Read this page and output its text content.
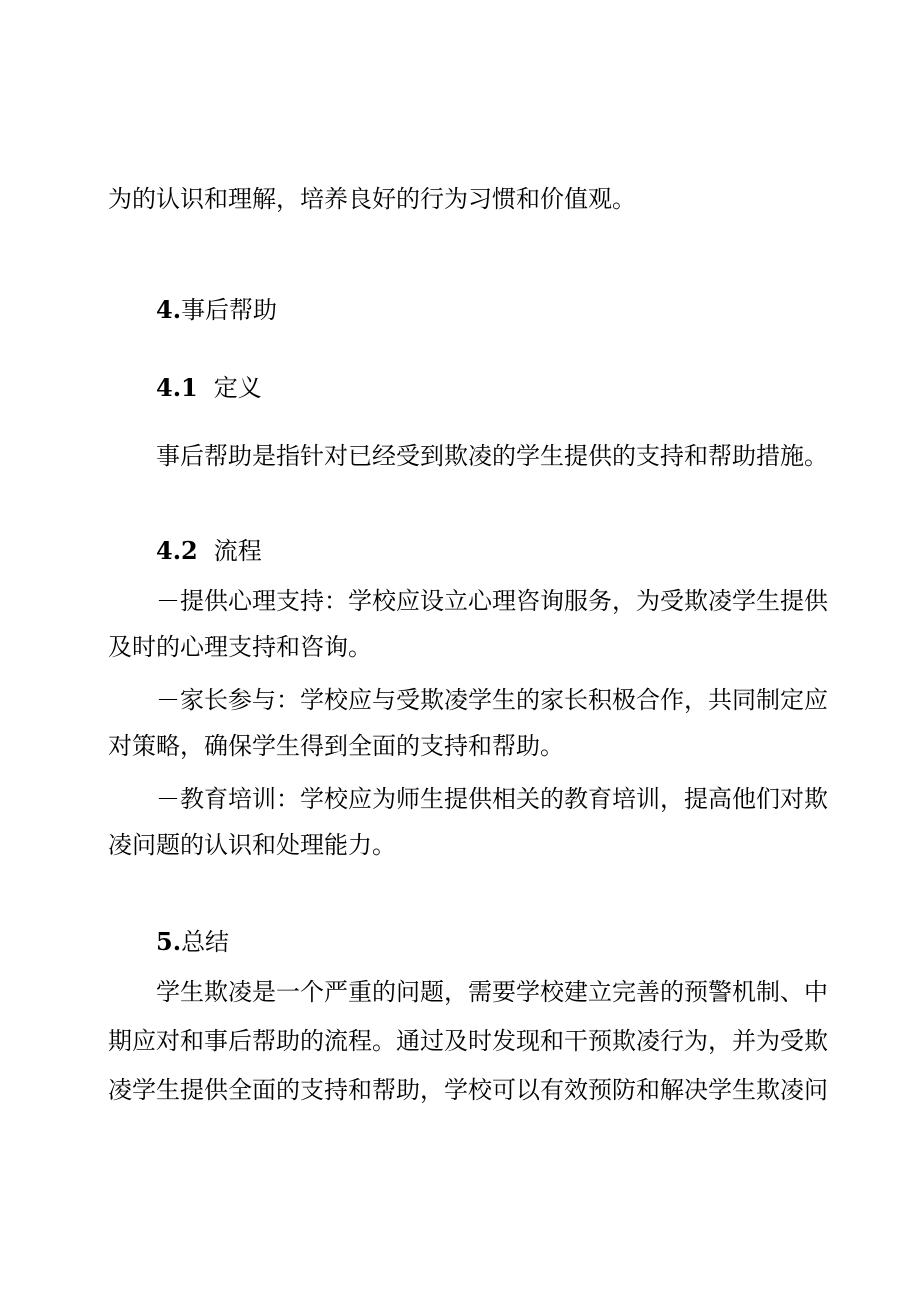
为的认识和理解，培养良好的行为习惯和价值观。

4.事后帮助

4.1 定义

事后帮助是指针对已经受到欺凌的学生提供的支持和帮助措施。

4.2 流程

－提供心理支持：学校应设立心理咨询服务，为受欺凌学生提供

及时的心理支持和咨询。

－家长参与：学校应与受欺凌学生的家长积极合作，共同制定应

对策略，确保学生得到全面的支持和帮助。

－教育培训：学校应为师生提供相关的教育培训，提高他们对欺

凌问题的认识和处理能力。

5.总结

学生欺凌是一个严重的问题，需要学校建立完善的预警机制、中

期应对和事后帮助的流程。通过及时发现和干预欺凌行为，并为受欺

凌学生提供全面的支持和帮助，学校可以有效预防和解决学生欺凌问
